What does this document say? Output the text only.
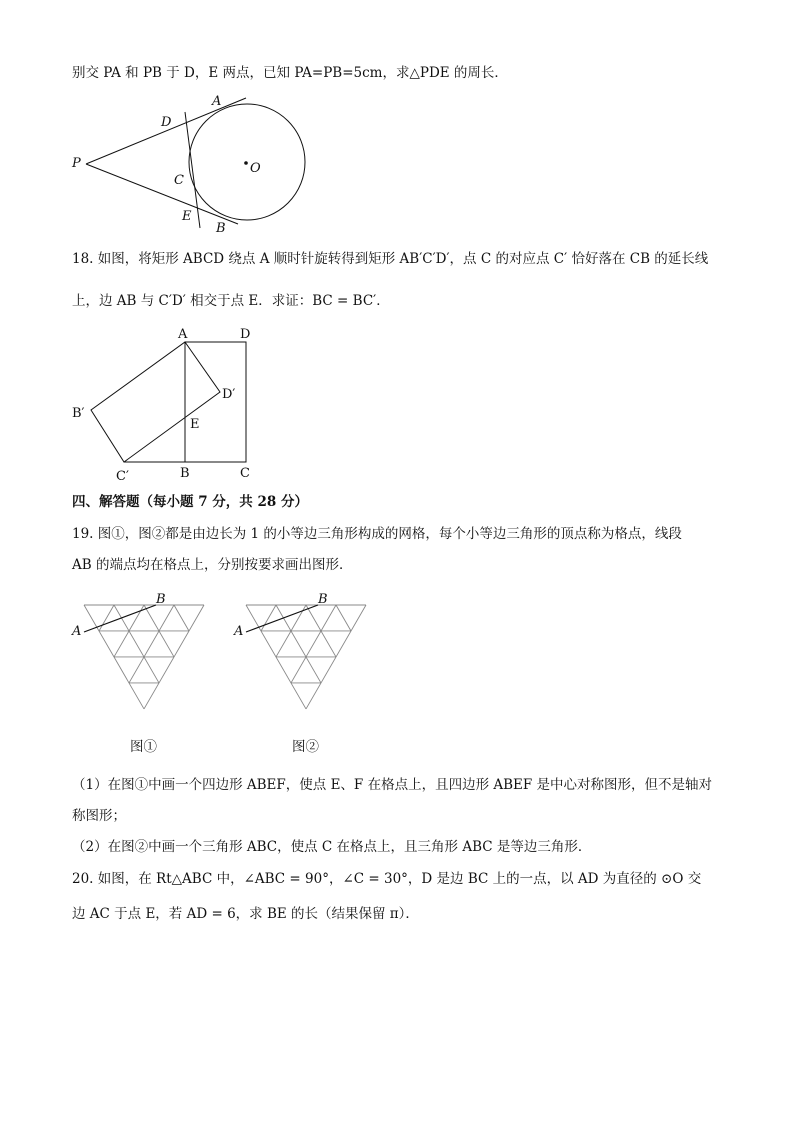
别交 PA 和 PB 于 D，E 两点，已知 PA=PB=5cm，求△PDE 的周长．
A
D
P	O
C
E
B
18. 如图，将矩形 ABCD 绕点 A 顺时针旋转得到矩形 AB′C′D′，点 C 的对应点 C′ 恰好落在 CB 的延长线
上，边 AB 与 C′D′ 相交于点 E．求证：BC = BC′．
A	D
D′
B′
E
C′	B	C
四、解答题（每小题 7 分，共 28 分）
19. 图①，图②都是由边长为 1 的小等边三角形构成的网格，每个小等边三角形的顶点称为格点，线段
AB 的端点均在格点上，分别按要求画出图形．
A
B
图①
A
B
图②
（1）在图①中画一个四边形 ABEF，使点 E、F 在格点上，且四边形 ABEF 是中心对称图形，但不是轴对
称图形；
（2）在图②中画一个三角形 ABC，使点 C 在格点上，且三角形 ABC 是等边三角形．
20. 如图，在 Rt△ABC 中，∠ABC = 90°，∠C = 30°，D 是边 BC 上的一点，以 AD 为直径的 ⊙O 交
边 AC 于点 E，若 AD = 6，求 BE 的长（结果保留 π）．
